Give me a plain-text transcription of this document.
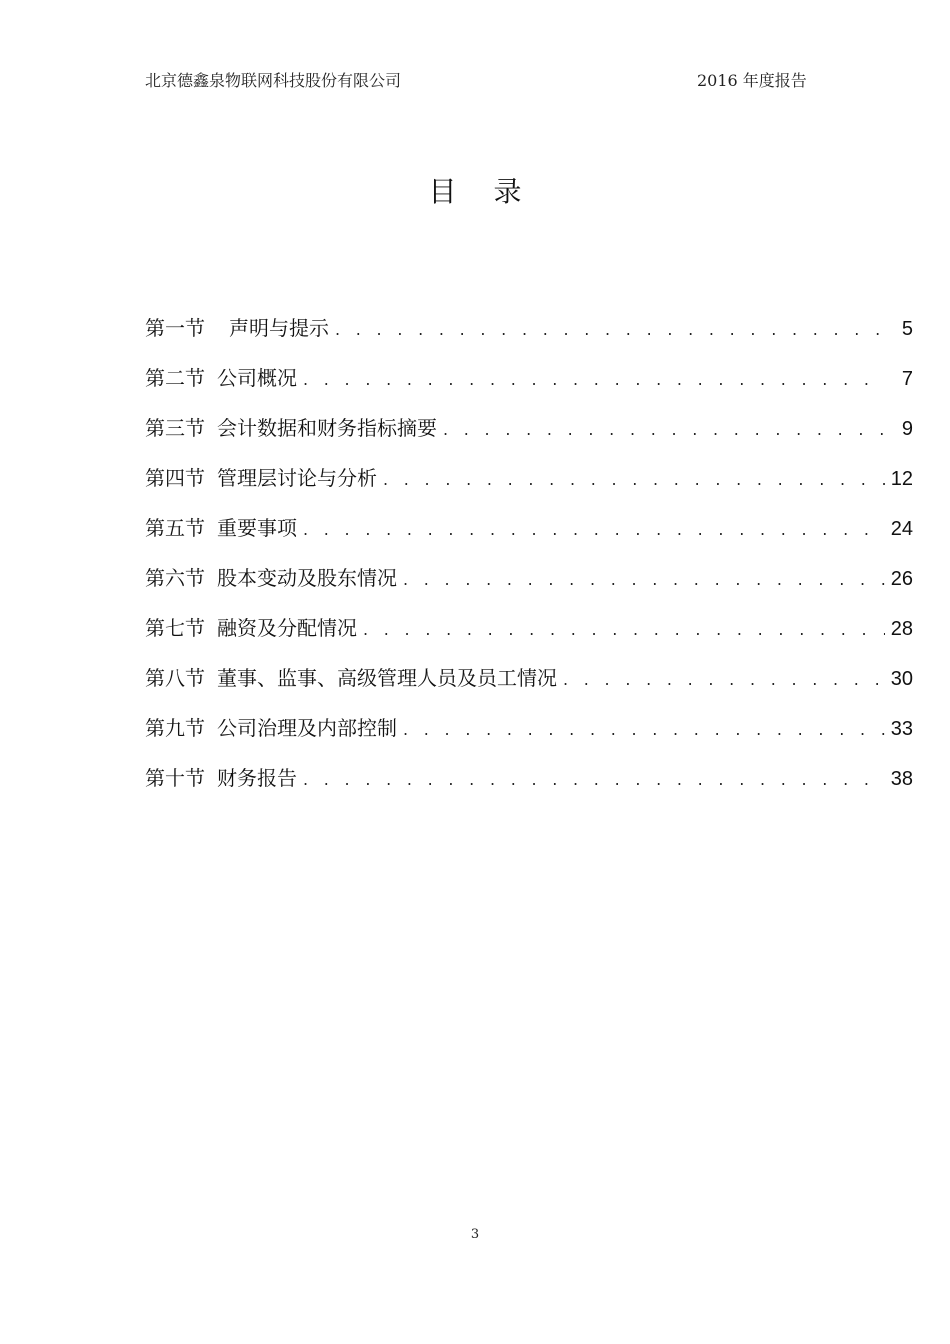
北京德鑫泉物联网科技股份有限公司	2016 年度报告
目 录
第一节	声明与提示 . . .	5
第二节 公司概况 . . .	7
第三节 会计数据和财务指标摘要 . . .	9
第四节 管理层讨论与分析 . . .	12
第五节 重要事项 . . .	24
第六节 股本变动及股东情况 . . .	26
第七节 融资及分配情况 . . .	28
第八节 董事、监事、高级管理人员及员工情况 . . .	30
第九节 公司治理及内部控制 . . .	33
第十节 财务报告 . . .	38
3
